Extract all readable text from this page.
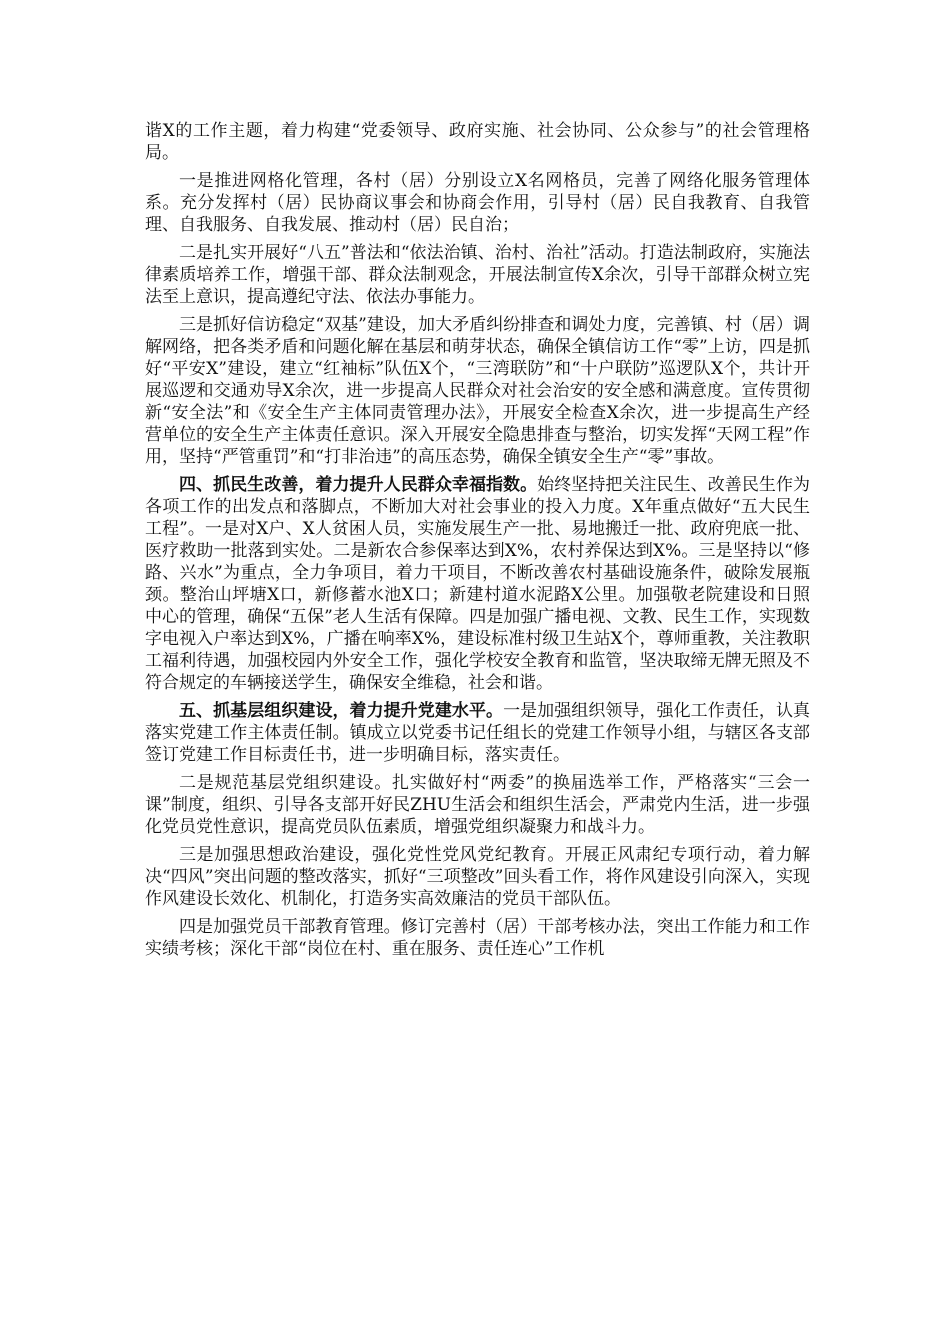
谐X的工作主题，着力构建“党委领导、政府实施、社会协同、公众参与”的社会管理格局。

一是推进网格化管理，各村（居）分别设立X名网格员，完善了网络化服务管理体系。充分发挥村（居）民协商议事会和协商会作用，引导村（居）民自我教育、自我管理、自我服务、自我发展、推动村（居）民自治；

二是扎实开展好“八五”普法和“依法治镇、治村、治社”活动。打造法制政府，实施法律素质培养工作，增强干部、群众法制观念，开展法制宣传X余次，引导干部群众树立宪法至上意识，提高遵纪守法、依法办事能力。

三是抓好信访稳定“双基”建设，加大矛盾纠纷排查和调处力度，完善镇、村（居）调解网络，把各类矛盾和问题化解在基层和萌芽状态，确保全镇信访工作“零”上访，四是抓好“平安X”建设，建立“红袖标”队伍X个，“三湾联防”和“十户联防”巡逻队X个，共计开展巡逻和交通劝导X余次，进一步提高人民群众对社会治安的安全感和满意度。宣传贯彻新“安全法”和《安全生产主体同责管理办法》，开展安全检查X余次，进一步提高生产经营单位的安全生产主体责任意识。深入开展安全隐患排查与整治，切实发挥“天网工程”作用，坚持“严管重罚”和“打非治违”的高压态势，确保全镇安全生产“零”事故。

四、抓民生改善，着力提升人民群众幸福指数。始终坚持把关注民生、改善民生作为各项工作的出发点和落脚点，不断加大对社会事业的投入力度。X年重点做好“五大民生工程”。一是对X户、X人贫困人员，实施发展生产一批、易地搬迁一批、政府兜底一批、医疗救助一批落到实处。二是新农合参保率达到X%，农村养保达到X%。三是坚持以“修路、兴水”为重点，全力争项目，着力干项目，不断改善农村基础设施条件，破除发展瓶颈。整治山坪塘X口，新修蓄水池X口；新建村道水泥路X公里。加强敬老院建设和日照中心的管理，确保“五保”老人生活有保障。四是加强广播电视、文教、民生工作，实现数字电视入户率达到X%，广播在响率X%，建设标准村级卫生站X个，尊师重教，关注教职工福利待遇，加强校园内外安全工作，强化学校安全教育和监管，坚决取缔无牌无照及不符合规定的车辆接送学生，确保安全维稳，社会和谐。

五、抓基层组织建设，着力提升党建水平。一是加强组织领导，强化工作责任，认真落实党建工作主体责任制。镇成立以党委书记任组长的党建工作领导小组，与辖区各支部签订党建工作目标责任书，进一步明确目标，落实责任。

二是规范基层党组织建设。扎实做好村“两委”的换届选举工作，严格落实“三会一课”制度，组织、引导各支部开好民ZHU生活会和组织生活会，严肃党内生活，进一步强化党员党性意识，提高党员队伍素质，增强党组织凝聚力和战斗力。

三是加强思想政治建设，强化党性党风党纪教育。开展正风肃纪专项行动，着力解决“四风”突出问题的整改落实，抓好“三项整改”回头看工作，将作风建设引向深入，实现作风建设长效化、机制化，打造务实高效廉洁的党员干部队伍。

四是加强党员干部教育管理。修订完善村（居）干部考核办法，突出工作能力和工作实绩考核；深化干部“岗位在村、重在服务、责任连心”工作机
